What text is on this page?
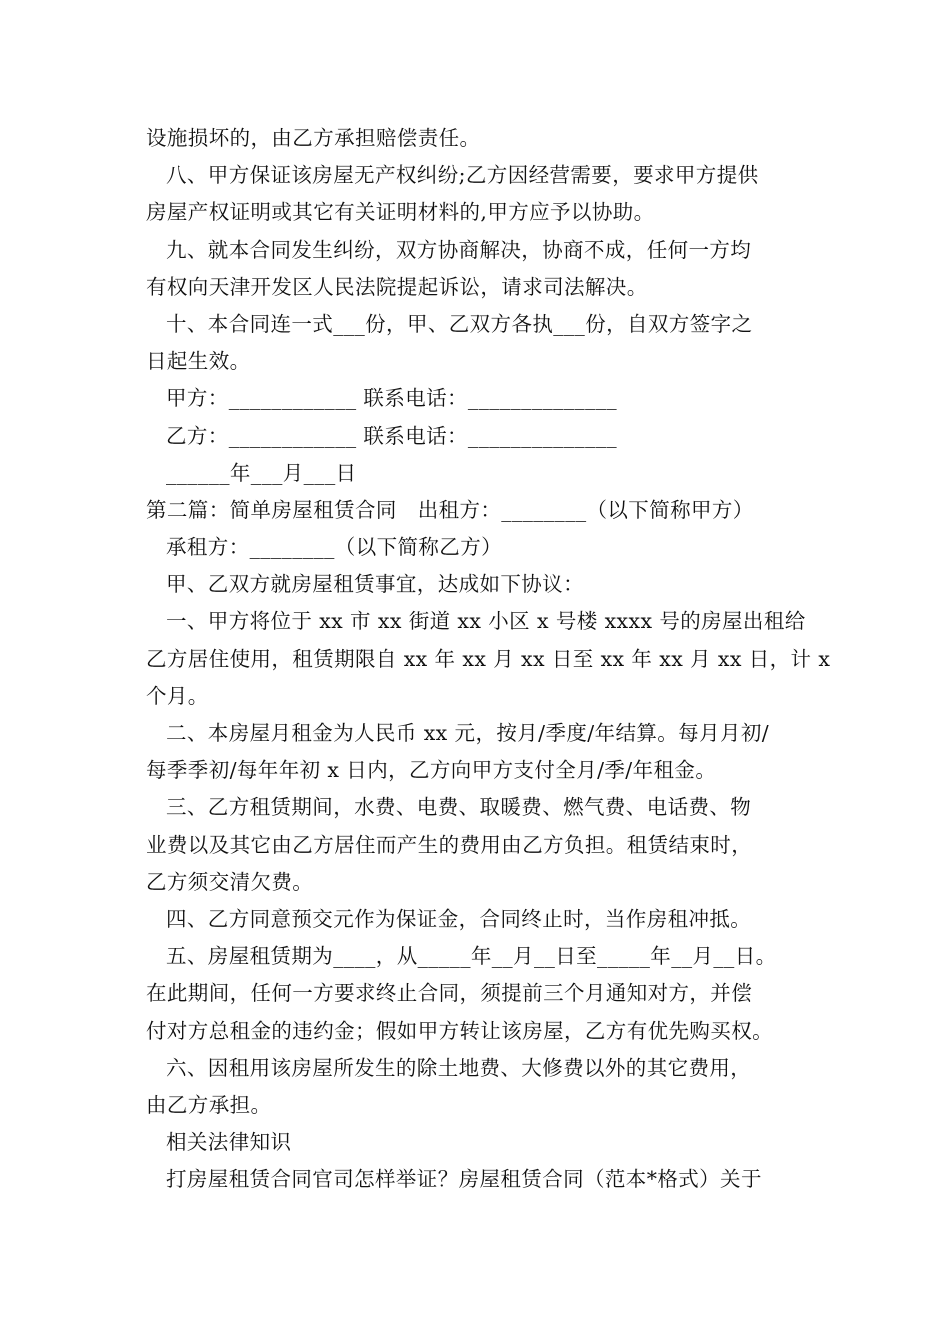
设施损坏的，由乙方承担赔偿责任。
八、甲方保证该房屋无产权纠纷;乙方因经营需要，要求甲方提供
房屋产权证明或其它有关证明材料的,甲方应予以协助。
九、就本合同发生纠纷，双方协商解决，协商不成，任何一方均
有权向天津开发区人民法院提起诉讼，请求司法解决。
十、本合同连一式___份，甲、乙双方各执___份，自双方签字之
日起生效。
甲方：____________ 联系电话：______________
乙方：____________ 联系电话：______________
______年___月___日
第二篇：简单房屋租赁合同　出租方：________（以下简称甲方）
承租方：________（以下简称乙方）
甲、乙双方就房屋租赁事宜，达成如下协议：
一、甲方将位于 xx 市 xx 街道 xx 小区 x 号楼 xxxx 号的房屋出租给
乙方居住使用，租赁期限自 xx 年 xx 月 xx 日至 xx 年 xx 月 xx 日，计 x
个月。
二、本房屋月租金为人民币 xx 元，按月/季度/年结算。每月月初/
每季季初/每年年初 x 日内，乙方向甲方支付全月/季/年租金。
三、乙方租赁期间，水费、电费、取暖费、燃气费、电话费、物
业费以及其它由乙方居住而产生的费用由乙方负担。租赁结束时，
乙方须交清欠费。
四、乙方同意预交元作为保证金，合同终止时，当作房租冲抵。
五、房屋租赁期为____，从_____年__月__日至_____年__月__日。
在此期间，任何一方要求终止合同，须提前三个月通知对方，并偿
付对方总租金的违约金；假如甲方转让该房屋，乙方有优先购买权。
六、因租用该房屋所发生的除土地费、大修费以外的其它费用，
由乙方承担。
相关法律知识
打房屋租赁合同官司怎样举证？房屋租赁合同（范本*格式）关于
